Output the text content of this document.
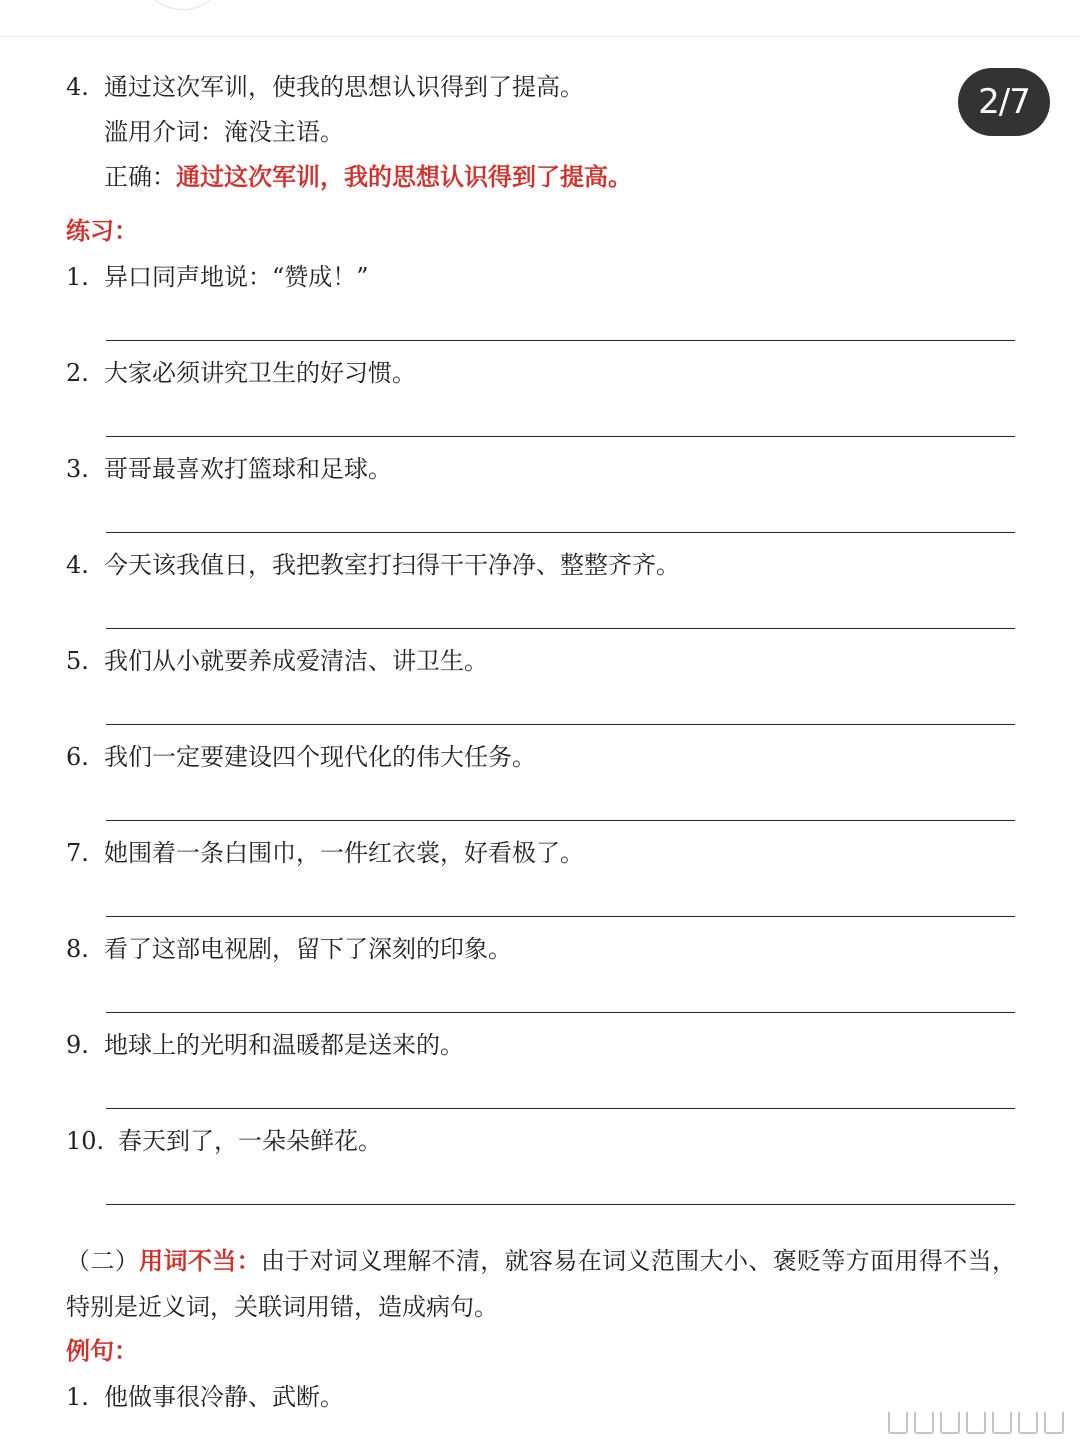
2/7
4. 通过这次军训，使我的思想认识得到了提高。
滥用介词：淹没主语。
正确：通过这次军训，我的思想认识得到了提高。
练习：
1. 异口同声地说：“赞成！”
2. 大家必须讲究卫生的好习惯。
3. 哥哥最喜欢打篮球和足球。
4. 今天该我值日，我把教室打扫得干干净净、整整齐齐。
5. 我们从小就要养成爱清洁、讲卫生。
6. 我们一定要建设四个现代化的伟大任务。
7. 她围着一条白围巾，一件红衣裳，好看极了。
8. 看了这部电视剧，留下了深刻的印象。
9. 地球上的光明和温暖都是送来的。
10. 春天到了，一朵朵鲜花。
（二）用词不当：由于对词义理解不清，就容易在词义范围大小、褒贬等方面用得不当，特别是近义词，关联词用错，造成病句。
例句：
1. 他做事很冷静、武断。
